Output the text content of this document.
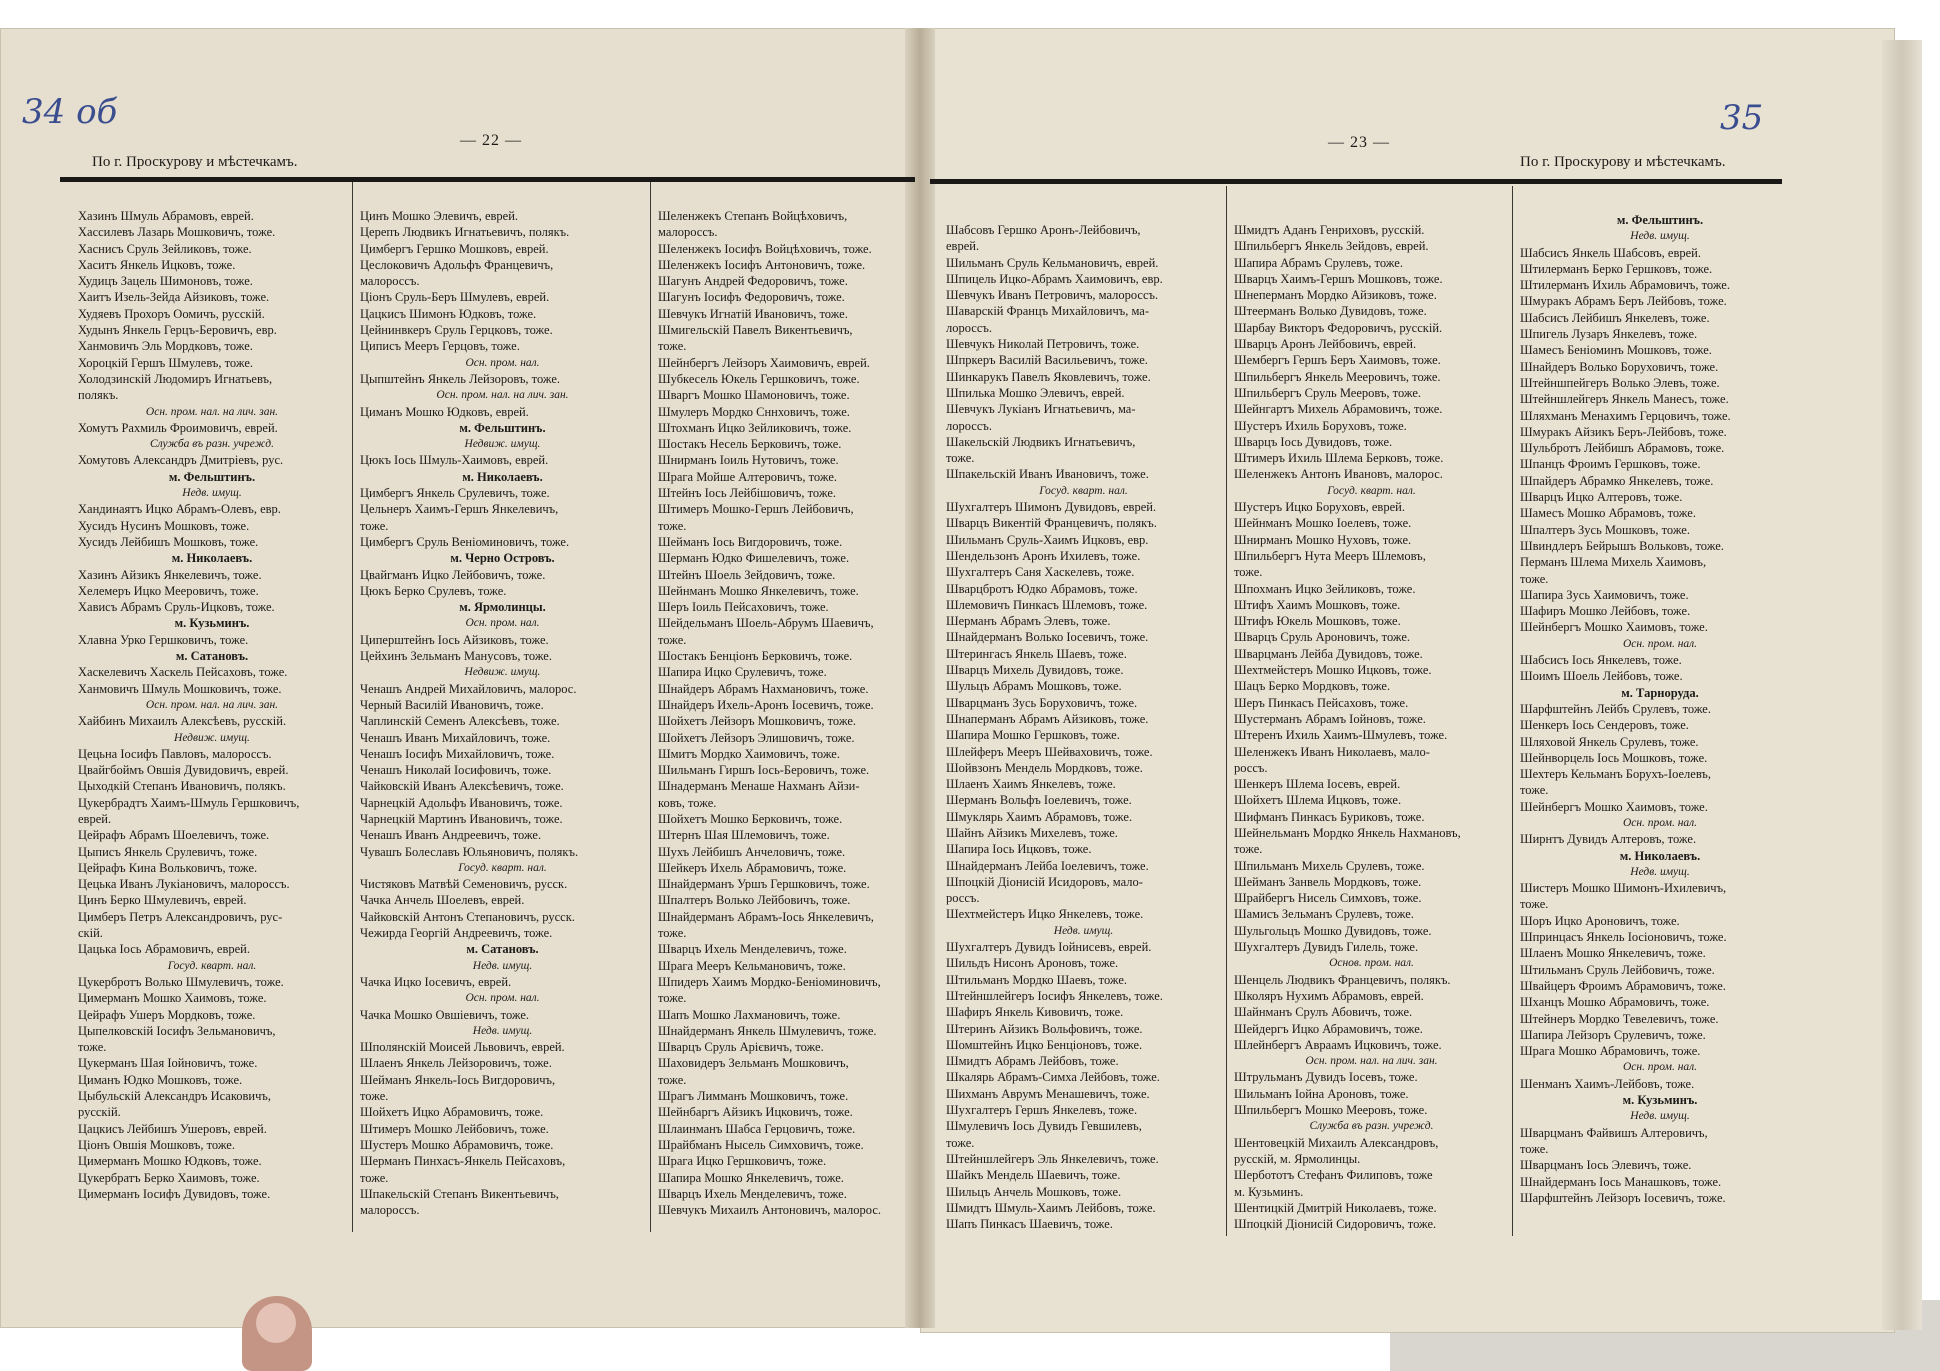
34 об
— 22 —
По г. Проскурову и мѣстечкамъ.
— 23 —
35
По г. Проскурову и мѣстечкамъ.
Хазинъ Шмуль Абрамовъ, еврей.
Хассилевъ Лазарь Мошковичъ, тоже.
Хаснисъ Сруль Зейликовъ, тоже.
Хаситъ Янкель Ицковъ, тоже.
Худицъ Зацель Шимоновъ, тоже.
Хаитъ Изель-Зейда Айзиковъ, тоже.
Худяевъ Прохоръ Оомичъ, русскій.
Худынъ Янкель Герцъ-Беровичъ, евр.
Ханмовичъ Эль Мордковъ, тоже.
Хороцкій Гершъ Шмулевъ, тоже.
Холодзинскій Людомиръ Игнатьевъ,
полякъ.
Осн. пром. нал. на лич. зан.
Хомутъ Рахмиль Фроимовичъ, еврей.
Служба въ разн. учрежд.
Хомутовъ Александръ Дмитріевъ, рус.
м. Фельштинъ.
Недв. имущ.
Хандинаятъ Ицко Абрамъ-Олевъ, евр.
Хусидъ Нусинъ Мошковъ, тоже.
Хусидъ Лейбишъ Мошковъ, тоже.
м. Николаевъ.
Хазинъ Айзикъ Янкелевичъ, тоже.
Хелемеръ Ицко Мееровичъ, тоже.
Хависъ Абрамъ Сруль-Ицковъ, тоже.
м. Кузьминъ.
Хлавна Урко Гершковичъ, тоже.
м. Сатановъ.
Хаскелевичъ Хаскель Пейсаховъ, тоже.
Ханмовичъ Шмуль Мошковичъ, тоже.
Осн. пром. нал. на лич. зан.
Хайбинъ Михаилъ Алексѣевъ, русскій.
Недвиж. имущ.
Цецьна Іосифъ Павловъ, малороссъ.
Цвайгбоймъ Овшія Дувидовичъ, еврей.
Цыходкій Степанъ Ивановичъ, полякъ.
Цукербрадтъ Хаимъ-Шмуль Гершковичъ,
еврей.
Цейрафъ Абрамъ Шоелевичъ, тоже.
Цыписъ Янкель Срулевичъ, тоже.
Цейрафъ Кина Вольковичъ, тоже.
Цецька Иванъ Лукіановичъ, малороссъ.
Цинъ Берко Шмулевичъ, еврей.
Цимберъ Петръ Александровичъ, рус-
скій.
Цацька Іось Абрамовичъ, еврей.
Госуд. кварт. нал.
Цукербротъ Волько Шмулевичъ, тоже.
Цимерманъ Мошко Хаимовъ, тоже.
Цейрафъ Ушеръ Мордковъ, тоже.
Цыпелковскій Іосифъ Зельмановичъ,
тоже.
Цукерманъ Шая Іойновичъ, тоже.
Циманъ Юдко Мошковъ, тоже.
Цыбульскій Александръ Исаковичъ,
русскій.
Цацкисъ Лейбишъ Ушеровъ, еврей.
Ціонъ Овшія Мошковъ, тоже.
Цимерманъ Мошко Юдковъ, тоже.
Цукербратъ Берко Хаимовъ, тоже.
Цимерманъ Іосифъ Дувидовъ, тоже.
Цинъ Мошко Элевичъ, еврей.
Церепъ Людвикъ Игнатьевичъ, полякъ.
Цимбергъ Гершко Мошковъ, еврей.
Цеслоковичъ Адольфъ Францевичъ,
малороссъ.
Ціонъ Сруль-Беръ Шмулевъ, еврей.
Цацкисъ Шимонъ Юдковъ, тоже.
Цейнинвкеръ Сруль Герцковъ, тоже.
Циписъ Мееръ Герцовъ, тоже.
Осн. пром. нал.
Цыпштейнъ Янкель Лейзоровъ, тоже.
Осн. пром. нал. на лич. зан.
Циманъ Мошко Юдковъ, еврей.
м. Фельштинъ.
Недвиж. имущ.
Цюкъ Іось Шмуль-Хаимовъ, еврей.
м. Николаевъ.
Цимбергъ Янкель Срулевичъ, тоже.
Цельнеръ Хаимъ-Гершъ Янкелевичъ,
тоже.
Цимбергъ Сруль Веніоминовичъ, тоже.
м. Черно Островъ.
Цвайгманъ Ицко Лейбовичъ, тоже.
Цюкъ Берко Срулевъ, тоже.
м. Ярмолинцы.
Осн. пром. нал.
Циперштейнъ Іось Айзиковъ, тоже.
Цейхинъ Зельманъ Манусовъ, тоже.
Недвиж. имущ.
Ченашъ Андрей Михайловичъ, малорос.
Черный Василій Ивановичъ, тоже.
Чаплинскій Семенъ Алексѣевъ, тоже.
Ченашъ Иванъ Михайловичъ, тоже.
Ченашъ Іосифъ Михайловичъ, тоже.
Ченашъ Николай Іосифовичъ, тоже.
Чайковскій Иванъ Алексѣевичъ, тоже.
Чарнецкій Адольфъ Ивановичъ, тоже.
Чарнецкій Мартинъ Ивановичъ, тоже.
Ченашъ Иванъ Андреевичъ, тоже.
Чувашъ Болеславъ Юльяновичъ, полякъ.
Госуд. кварт. нал.
Чистяковъ Матвѣй Семеновичъ, русск.
Чачка Анчель Шоелевъ, еврей.
Чайковскій Антонъ Степановичъ, русск.
Чежирда Георгій Андреевичъ, тоже.
м. Сатановъ.
Недв. имущ.
Чачка Ицко Іосевичъ, еврей.
Осн. пром. нал.
Чачка Мошко Овшіевичъ, тоже.
Недв. имущ.
Шполянскій Моисей Львовичъ, еврей.
Шлаенъ Янкель Лейзоровичъ, тоже.
Шейманъ Янкель-Іось Вигдоровичъ,
тоже.
Шойхетъ Ицко Абрамовичъ, тоже.
Штимеръ Мошко Лейбовичъ, тоже.
Шустеръ Мошко Абрамовичъ, тоже.
Шерманъ Пинхасъ-Янкель Пейсаховъ,
тоже.
Шпакельскій Степанъ Викентьевичъ,
малороссъ.
Шеленжекъ Степанъ Войцѣховичъ,
малороссъ.
Шеленжекъ Іосифъ Войцѣховичъ, тоже.
Шеленжекъ Іосифъ Антоновичъ, тоже.
Шагунъ Андрей Федоровичъ, тоже.
Шагунъ Іосифъ Федоровичъ, тоже.
Шевчукъ Игнатій Ивановичъ, тоже.
Шмигельскій Павелъ Викентьевичъ,
тоже.
Шейнбергъ Лейзоръ Хаимовичъ, еврей.
Шубкесель Юкель Гершковичъ, тоже.
Шваргъ Мошко Шамоновичъ, тоже.
Шмулеръ Мордко Сннховичъ, тоже.
Штохманъ Ицко Зейликовичъ, тоже.
Шостакъ Несель Берковичъ, тоже.
Шнирманъ Іоиль Нутовичъ, тоже.
Шрага Мойше Алтеровичъ, тоже.
Штейнъ Іось Лейбішовичъ, тоже.
Штимеръ Мошко-Гершъ Лейбовичъ,
тоже.
Шейманъ Іось Вигдоровичъ, тоже.
Шерманъ Юдко Фишелевичъ, тоже.
Штейнъ Шоель Зейдовичъ, тоже.
Шейнманъ Мошко Янкелевичъ, тоже.
Шеръ Іоиль Пейсаховичъ, тоже.
Шейдельманъ Шоель-Абрумъ Шаевичъ,
тоже.
Шостакъ Бенціонъ Берковичъ, тоже.
Шапира Ицко Срулевичъ, тоже.
Шнайдеръ Абрамъ Нахмановичъ, тоже.
Шнайдеръ Ихель-Аронъ Іосевичъ, тоже.
Шойхетъ Лейзоръ Мошковичъ, тоже.
Шойхетъ Лейзоръ Элишовичъ, тоже.
Шмитъ Мордко Хаимовичъ, тоже.
Шильманъ Гиршъ Іось-Беровичъ, тоже.
Шнадерманъ Менаше Нахманъ Айзи-
ковъ, тоже.
Шойхетъ Мошко Берковичъ, тоже.
Штернъ Шая Шлемовичъ, тоже.
Шухъ Лейбишъ Анчеловичъ, тоже.
Шейкеръ Ихель Абрамовичъ, тоже.
Шнайдерманъ Уршъ Гершковичъ, тоже.
Шпалтеръ Волько Лейбовичъ, тоже.
Шнайдерманъ Абрамъ-Іось Янкелевичъ,
тоже.
Шварцъ Ихель Менделевичъ, тоже.
Шрага Мееръ Кельмановичъ, тоже.
Шпидеръ Хаимъ Мордко-Беніоминовичъ,
тоже.
Шапъ Мошко Лахмановичъ, тоже.
Шнайдерманъ Янкель Шмулевичъ, тоже.
Шварцъ Сруль Арієвичъ, тоже.
Шаховидеръ Зельманъ Мошковичъ,
тоже.
Шрагъ Лимманъ Мошковичъ, тоже.
Шейнбаргъ Айзикъ Ицковичъ, тоже.
Шлаинманъ Шабса Герцовичъ, тоже.
Шрайбманъ Нысель Симховичъ, тоже.
Шрага Ицко Гершковичъ, тоже.
Шапира Мошко Янкелевичъ, тоже.
Шварцъ Ихель Менделевичъ, тоже.
Шевчукъ Михаилъ Антоновичъ, малорос.
Шабсовъ Гершко Аронъ-Лейбовичъ,
еврей.
Шильманъ Сруль Кельмановичъ, еврей.
Шпицель Ицко-Абрамъ Хаимовичъ, евр.
Шевчукъ Иванъ Петровичъ, малороссъ.
Шаварскій Францъ Михайловичъ, ма-
лороссъ.
Шевчукъ Николай Петровичъ, тоже.
Шпркеръ Василій Васильевичъ, тоже.
Шинкарукъ Павелъ Яковлевичъ, тоже.
Шпилька Мошко Элевичъ, еврей.
Шевчукъ Лукіанъ Игнатьевичъ, ма-
лороссъ.
Шакельскій Людвикъ Игнатьевичъ,
тоже.
Шпакельскій Иванъ Ивановичъ, тоже.
Госуд. кварт. нал.
Шухгалтеръ Шимонъ Дувидовъ, еврей.
Шварцъ Викентій Францевичъ, полякъ.
Шильманъ Сруль-Хаимъ Ицковъ, евр.
Шендельзонъ Аронъ Ихилевъ, тоже.
Шухгалтеръ Саня Хаскелевъ, тоже.
Шварцбротъ Юдко Абрамовъ, тоже.
Шлемовичъ Пинкасъ Шлемовъ, тоже.
Шерманъ Абрамъ Элевъ, тоже.
Шнайдерманъ Волько Іосевичъ, тоже.
Штерингасъ Янкель Шаевъ, тоже.
Шварцъ Михель Дувидовъ, тоже.
Шульцъ Абрамъ Мошковъ, тоже.
Шварцманъ Зусь Боруховичъ, тоже.
Шнаперманъ Абрамъ Айзиковъ, тоже.
Шапира Мошко Гершковъ, тоже.
Шлейферъ Мееръ Шейваховичъ, тоже.
Шойвзонъ Мендель Мордковъ, тоже.
Шлаенъ Хаимъ Янкелевъ, тоже.
Шерманъ Вольфъ Іоелевичъ, тоже.
Шмуклярь Хаимъ Абрамовъ, тоже.
Шайнъ Айзикъ Михелевъ, тоже.
Шапира Іось Ицковъ, тоже.
Шнайдерманъ Лейба Іоелевичъ, тоже.
Шпоцкій Діонисій Исидоровъ, мало-
россъ.
Шехтмейстеръ Ицко Янкелевъ, тоже.
Недв. имущ.
Шухгалтеръ Дувидъ Іойнисевъ, еврей.
Шильдъ Нисонъ Ароновъ, тоже.
Штильманъ Мордко Шаевъ, тоже.
Штейншлейгеръ Іосифъ Янкелевъ, тоже.
Шафиръ Янкель Кивовичъ, тоже.
Штеринъ Айзикъ Вольфовичъ, тоже.
Шомштейнъ Ицко Бенціоновъ, тоже.
Шмидтъ Абрамъ Лейбовъ, тоже.
Шкалярь Абрамъ-Симха Лейбовъ, тоже.
Шихманъ Аврумъ Менашевичъ, тоже.
Шухгалтеръ Гершъ Янкелевъ, тоже.
Шмулевичъ Іось Дувидъ Гевшилевъ,
тоже.
Штейншлейгеръ Эль Янкелевичъ, тоже.
Шайкъ Мендель Шаевичъ, тоже.
Шильцъ Анчель Мошковъ, тоже.
Шмидтъ Шмуль-Хаимъ Лейбовъ, тоже.
Шапъ Пинкасъ Шаевичъ, тоже.
Шмидтъ Аданъ Генриховъ, русскій.
Шпильбергъ Янкель Зейдовъ, еврей.
Шапира Абрамъ Срулевъ, тоже.
Шварцъ Хаимъ-Гершъ Мошковъ, тоже.
Шнеперманъ Мордко Айзиковъ, тоже.
Штеерманъ Волько Дувидовъ, тоже.
Шарбау Викторъ Федоровичъ, русскій.
Шварцъ Аронъ Лейбовичъ, еврей.
Шембергъ Гершъ Беръ Хаимовъ, тоже.
Шпильбергъ Янкель Мееровичъ, тоже.
Шпильбергъ Сруль Мееровъ, тоже.
Шейнгартъ Михель Абрамовичъ, тоже.
Шустеръ Ихиль Боруховъ, тоже.
Шварцъ Іось Дувидовъ, тоже.
Штимеръ Ихиль Шлема Берковъ, тоже.
Шеленжекъ Антонъ Ивановъ, малорос.
Госуд. кварт. нал.
Шустеръ Ицко Боруховъ, еврей.
Шейнманъ Мошко Іоелевъ, тоже.
Шнирманъ Мошко Нуховъ, тоже.
Шпильбергъ Нута Мееръ Шлемовъ,
тоже.
Шпохманъ Ицко Зейликовъ, тоже.
Штифъ Хаимъ Мошковъ, тоже.
Штифъ Юкель Мошковъ, тоже.
Шварцъ Сруль Ароновичъ, тоже.
Шварцманъ Лейба Дувидовъ, тоже.
Шехтмейстеръ Мошко Ицковъ, тоже.
Шацъ Берко Мордковъ, тоже.
Шеръ Пинкасъ Пейсаховъ, тоже.
Шустерманъ Абрамъ Іойновъ, тоже.
Штеренъ Ихиль Хаимъ-Шмулевъ, тоже.
Шеленжекъ Иванъ Николаевъ, мало-
россъ.
Шенкеръ Шлема Іосевъ, еврей.
Шойхетъ Шлема Ицковъ, тоже.
Шифманъ Пинкасъ Буриковъ, тоже.
Шейнельманъ Мордко Янкель Нахмановъ,
тоже.
Шпильманъ Михель Срулевъ, тоже.
Шейманъ Занвель Мордковъ, тоже.
Шрайбергъ Нисель Симховъ, тоже.
Шамисъ Зельманъ Срулевъ, тоже.
Шульгольцъ Мошко Дувидовъ, тоже.
Шухгалтеръ Дувидъ Гилель, тоже.
Основ. пром. нал.
Шенцель Людвикъ Францевичъ, полякъ.
Школяръ Нухимъ Абрамовъ, еврей.
Шайнманъ Срулъ Абовичъ, тоже.
Шейдергъ Ицко Абрамовичъ, тоже.
Шлейнбергъ Авраамъ Ицковичъ, тоже.
Осн. пром. нал. на лич. зан.
Штрульманъ Дувидъ Іосевъ, тоже.
Шильманъ Іойна Ароновъ, тоже.
Шпильбергъ Мошко Мееровъ, тоже.
Служба въ разн. учрежд.
Шентовецкій Михаилъ Александровъ,
русскій, м. Ярмолинцы.
Шербототъ Стефанъ Филиповъ, тоже
м. Кузьминъ.
Шентицкій Дмитрій Николаевъ, тоже.
Шпоцкій Діонисій Сидоровичъ, тоже.
м. Фельштинъ.
Недв. имущ.
Шабсисъ Янкель Шабсовъ, еврей.
Штилерманъ Берко Гершковъ, тоже.
Штилерманъ Ихиль Абрамовичъ, тоже.
Шмуракъ Абрамъ Беръ Лейбовъ, тоже.
Шабсисъ Лейбишъ Янкелевъ, тоже.
Шпигель Лузаръ Янкелевъ, тоже.
Шамесъ Беніоминъ Мошковъ, тоже.
Шнайдеръ Волько Боруховичъ, тоже.
Штейншпейгеръ Волько Элевъ, тоже.
Штейншлейгеръ Янкель Манесъ, тоже.
Шляхманъ Менахимъ Герцовичъ, тоже.
Шмуракъ Айзикъ Беръ-Лейбовъ, тоже.
Шульбротъ Лейбишъ Абрамовъ, тоже.
Шпанцъ Фроимъ Гершковъ, тоже.
Шпайдеръ Абрамко Янкелевъ, тоже.
Шварцъ Ицко Алтеровъ, тоже.
Шамесъ Мошко Абрамовъ, тоже.
Шпалтеръ Зусь Мошковъ, тоже.
Швиндлеръ Бейрышъ Вольковъ, тоже.
Перманъ Шлема Михель Хаимовъ,
тоже.
Шапира Зусь Хаимовичъ, тоже.
Шафиръ Мошко Лейбовъ, тоже.
Шейнбергъ Мошко Хаимовъ, тоже.
Осн. пром. нал.
Шабсисъ Іось Янкелевъ, тоже.
Шоимъ Шоель Лейбовъ, тоже.
м. Тарноруда.
Шарфштейнъ Лейбъ Срулевъ, тоже.
Шенкеръ Іось Сендеровъ, тоже.
Шляховой Янкель Срулевъ, тоже.
Шейнворцель Іось Мошковъ, тоже.
Шехтеръ Кельманъ Борухъ-Іоелевъ,
тоже.
Шейнбергъ Мошко Хаимовъ, тоже.
Осн. пром. нал.
Ширнтъ Дувидъ Алтеровъ, тоже.
м. Николаевъ.
Недв. имущ.
Шистеръ Мошко Шимонъ-Ихилевичъ,
тоже.
Шоръ Ицко Ароновичъ, тоже.
Шпринцасъ Янкель Іосіоновичъ, тоже.
Шлаенъ Мошко Янкелевичъ, тоже.
Штильманъ Сруль Лейбовичъ, тоже.
Швайцеръ Фроимъ Абрамовичъ, тоже.
Шханцъ Мошко Абрамовичъ, тоже.
Штейнеръ Мордко Тевелевичъ, тоже.
Шапира Лейзоръ Срулевичъ, тоже.
Шрага Мошко Абрамовичъ, тоже.
Осн. пром. нал.
Шенманъ Хаимъ-Лейбовъ, тоже.
м. Кузьминъ.
Недв. имущ.
Шварцманъ Файвишъ Алтеровичъ,
тоже.
Шварцманъ Іось Элевичъ, тоже.
Шнайдерманъ Іось Манашковъ, тоже.
Шарфштейнъ Лейзоръ Іосевичъ, тоже.
